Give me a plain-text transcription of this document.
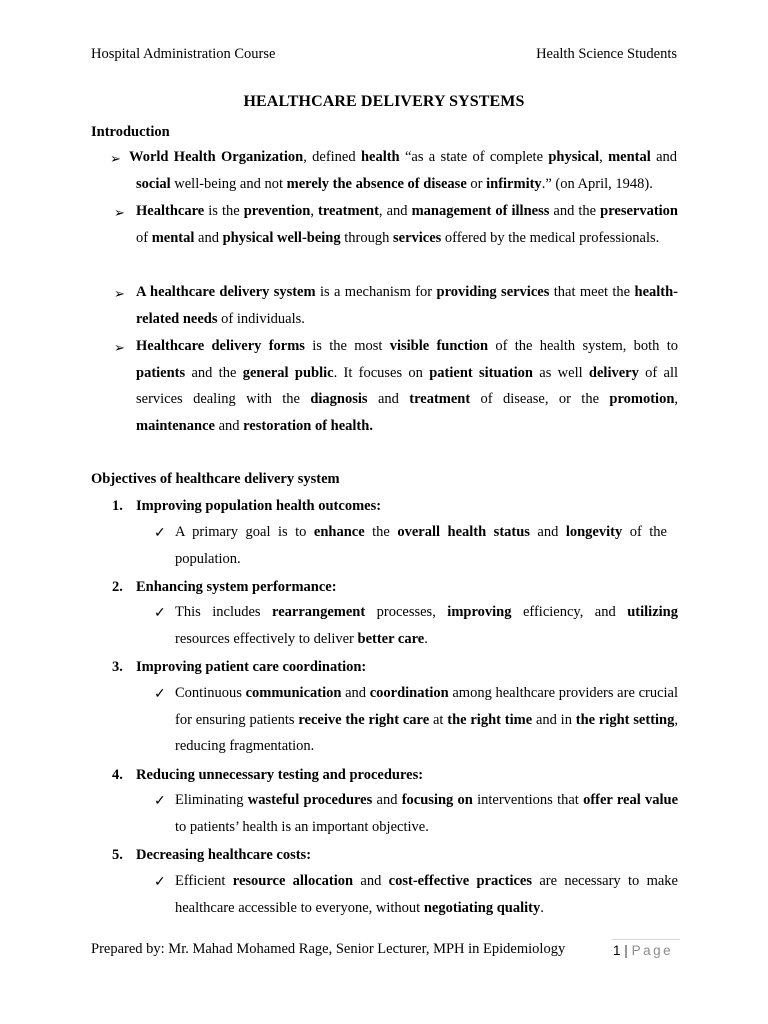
Hospital Administration Course	Health Science Students
HEALTHCARE DELIVERY SYSTEMS
Introduction
➢ World Health Organization, defined health “as a state of complete physical, mental and social well-being and not merely the absence of disease or infirmity.” (on April, 1948).
➢ Healthcare is the prevention, treatment, and management of illness and the preservation of mental and physical well-being through services offered by the medical professionals.
➢ A healthcare delivery system is a mechanism for providing services that meet the health- related needs of individuals.
➢ Healthcare delivery forms is the most visible function of the health system, both to patients and the general public. It focuses on patient situation as well delivery of all services dealing with the diagnosis and treatment of disease, or the promotion, maintenance and restoration of health.
Objectives of healthcare delivery system
1. Improving population health outcomes:
✓ A primary goal is to enhance the overall health status and longevity of the population.
2. Enhancing system performance:
✓ This includes rearrangement processes, improving efficiency, and utilizing resources effectively to deliver better care.
3. Improving patient care coordination:
✓ Continuous communication and coordination among healthcare providers are crucial for ensuring patients receive the right care at the right time and in the right setting, reducing fragmentation.
4. Reducing unnecessary testing and procedures:
✓ Eliminating wasteful procedures and focusing on interventions that offer real value to patients’ health is an important objective.
5. Decreasing healthcare costs:
✓ Efficient resource allocation and cost-effective practices are necessary to make healthcare accessible to everyone, without negotiating quality.
Prepared by: Mr. Mahad Mohamed Rage, Senior Lecturer, MPH in Epidemiology	1 | Page
